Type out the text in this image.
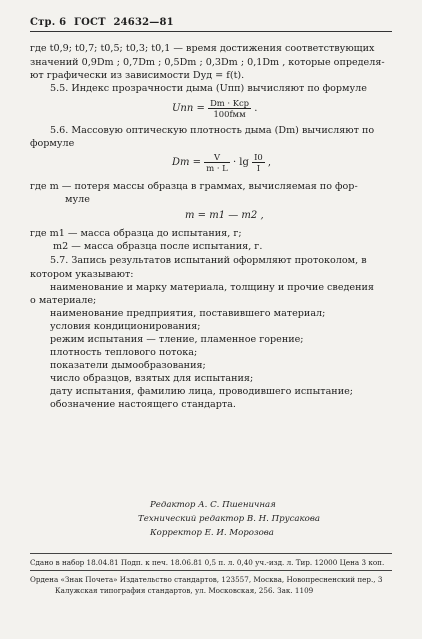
Стр. 6 ГОСТ 24632—81
где t0,9; t0,7; t0,5; t0,3; t0,1 — время достижения соответствующих
значений 0,9Dm ; 0,7Dm ; 0,5Dm ; 0,3Dm ; 0,1Dm , которые определя-
ют графически из зависимости Dуд = f(t).
5.5. Индекс прозрачности дыма (Uпп) вычисляют по формуле
Uпп = $\frac{\text{Dm · Kср}}{\text{100fмм}}$ .
5.6. Массовую оптическую плотность дыма (Dm) вычисляют по
формуле
$Dm = \frac{V}{m \cdot L} \cdot \lg \frac{I0}{I}$ ,
где m — потеря массы образца в граммах, вычисляемая по фор-
муле
m = m1 — m2 ,
где m1 — масса образца до испытания, г;
m2 — масса образца после испытания, г.
5.7. Запись результатов испытаний оформляют протоколом, в
котором указывают:
наименование и марку материала, толщину и прочие сведения
о материале;
наименование предприятия, поставившего материал;
условия кондиционирования;
режим испытания — тление, пламенное горение;
плотность теплового потока;
показатели дымообразования;
число образцов, взятых для испытания;
дату испытания, фамилию лица, проводившего испытание;
обозначение настоящего стандарта.
Редактор А. С. Пшеничная
Технический редактор В. Н. Прусакова
Корректор Е. И. Морозова
Сдано в набор 18.04.81 Подп. к печ. 18.06.81 0,5 п. л. 0,40 уч.-изд. л. Тир. 12000 Цена 3 коп.
Ордена «Знак Почета» Издательство стандартов, 123557, Москва, Новопресненский пер., 3
Калужская типография стандартов, ул. Московская, 256. Зак. 1109
